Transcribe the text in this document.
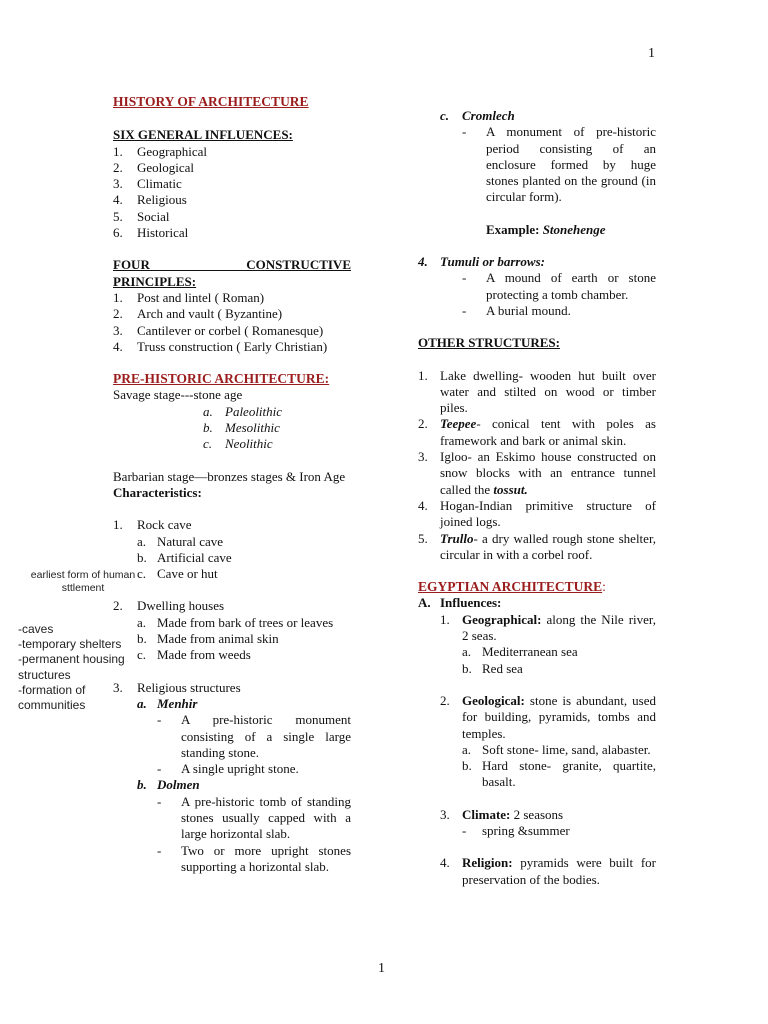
1
HISTORY OF ARCHITECTURE
SIX GENERAL INFLUENCES:
1.	Geographical
2.	Geological
3.	Climatic
4.	Religious
5.	Social
6.	Historical
FOUR CONSTRUCTIVE
PRINCIPLES:
1.	Post and lintel ( Roman)
2.	Arch and vault ( Byzantine)
3.	Cantilever or corbel ( Romanesque)
4.	Truss construction ( Early Christian)
PRE-HISTORIC ARCHITECTURE:
Savage stage---stone age
a. Paleolithic
b. Mesolithic
c. Neolithic
Barbarian stage—bronzes stages & Iron Age
Characteristics:
1.	Rock cave
a. Natural cave
b. Artificial cave
c. Cave or hut
2.	Dwelling houses
a. Made from bark of trees or leaves
b. Made from animal skin
c. Made from weeds
3.	Religious structures
a. Menhir
-	A pre-historic monument consisting of a single large standing stone.
-	A single upright stone.
b. Dolmen
-	A pre-historic tomb of standing stones usually capped with a large horizontal slab.
-	Two or more upright stones supporting a horizontal slab.
earliest form of human sttlement
-caves
-temporary shelters
-permanent housing structures
-formation of communities
c. Cromlech
-	A monument of pre-historic period consisting of an enclosure formed by huge stones planted on the ground (in circular form).
Example: Stonehenge
4. Tumuli or barrows:
-	A mound of earth or stone protecting a tomb chamber.
-	A burial mound.
OTHER STRUCTURES:
1. Lake dwelling- wooden hut built over water and stilted on wood or timber piles.
2. Teepee- conical tent with poles as framework and bark or animal skin.
3. Igloo- an Eskimo house constructed on snow blocks with an entrance tunnel called the tossut.
4. Hogan-Indian primitive structure of joined logs.
5. Trullo- a dry walled rough stone shelter, circular in with a corbel roof.
EGYPTIAN ARCHITECTURE:
A. Influences:
1. Geographical: along the Nile river, 2 seas.
a. Mediterranean sea
b. Red sea
2. Geological: stone is abundant, used for building, pyramids, tombs and temples.
a. Soft stone- lime, sand, alabaster.
b. Hard stone- granite, quartite, basalt.
3. Climate: 2 seasons
-	spring &summer
4. Religion: pyramids were built for preservation of the bodies.
1
